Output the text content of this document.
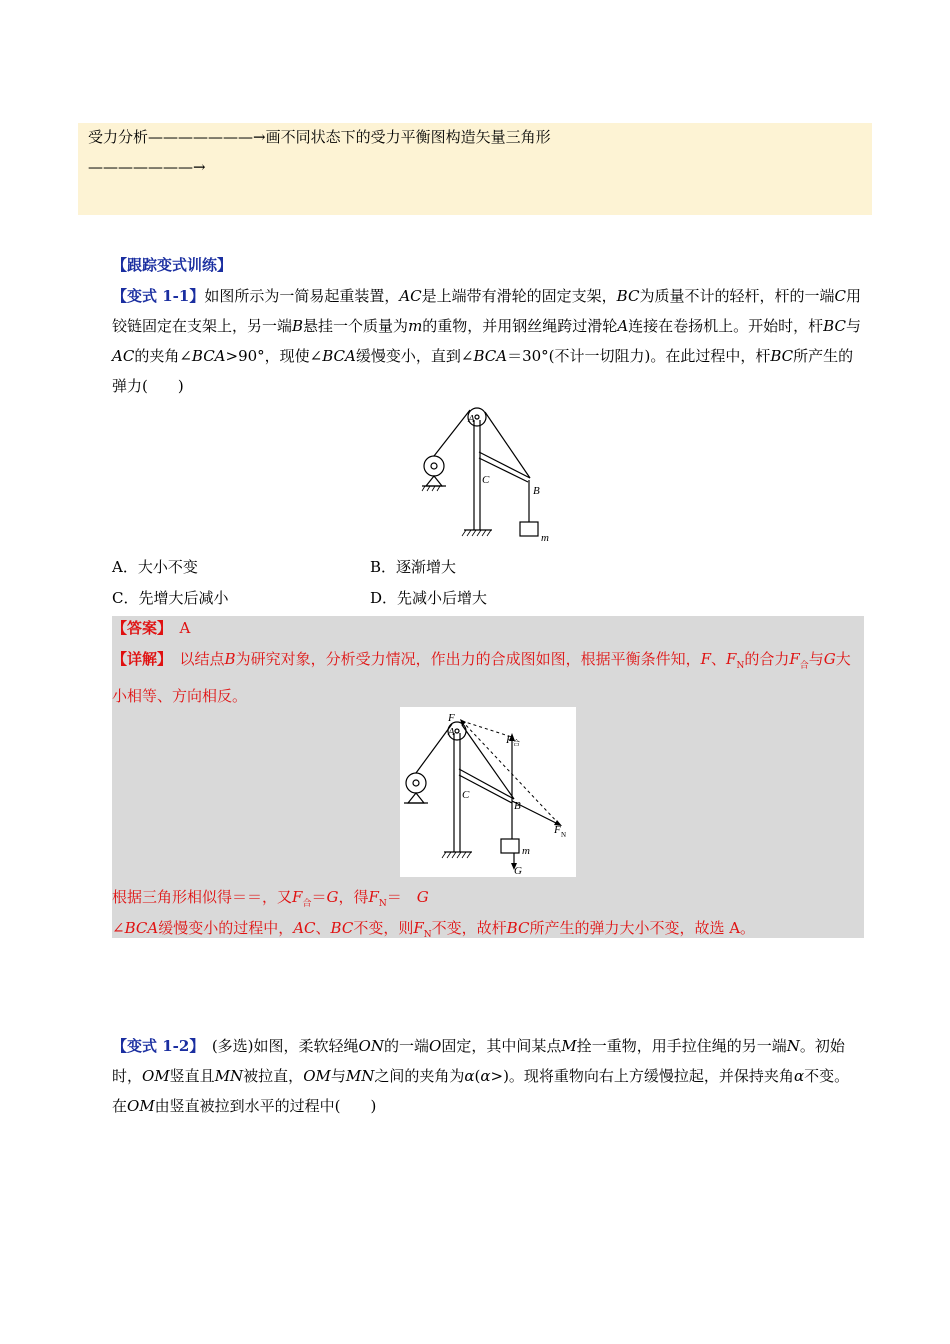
受力分析———————→画不同状态下的受力平衡图构造矢量三角形
———————→
【跟踪变式训练】
【变式 1-1】如图所示为一简易起重装置，AC是上端带有滑轮的固定支架，BC为质量不计的轻杆，杆的一端C用铰链固定在支架上，另一端B悬挂一个质量为m的重物，并用钢丝绳跨过滑轮A连接在卷扬机上。开始时，杆BC与AC的夹角∠BCA>90°，现使∠BCA缓慢变小，直到∠BCA＝30°(不计一切阻力)。在此过程中，杆BC所产生的弹力(　　)
A
C
B
m
A．大小不变	B．逐渐增大
C．先增大后减小	D．先减小后增大
【答案】　 A
【详解】　 以结点B为研究对象，分析受力情况，作出力的合成图如图，根据平衡条件知，F、$F_N$的合力$F_合$与G大小相等、方向相反。
F
A
F 合
C
B
F N
m
G
根据三角形相似得＝＝，又$F_合=G$，得$F_N=$　 G
∠BCA缓慢变小的过程中，AC、BC不变，则$F_N$不变，故杆BC所产生的弹力大小不变，故选 A。
【变式 1-2】　(多选)如图，柔软轻绳ON的一端O固定，其中间某点M拴一重物，用手拉住绳的另一端N。初始时，OM竖直且MN被拉直，OM与MN之间的夹角为α(α>)。现将重物向右上方缓慢拉起，并保持夹角α不变。在OM由竖直被拉到水平的过程中(　　)
